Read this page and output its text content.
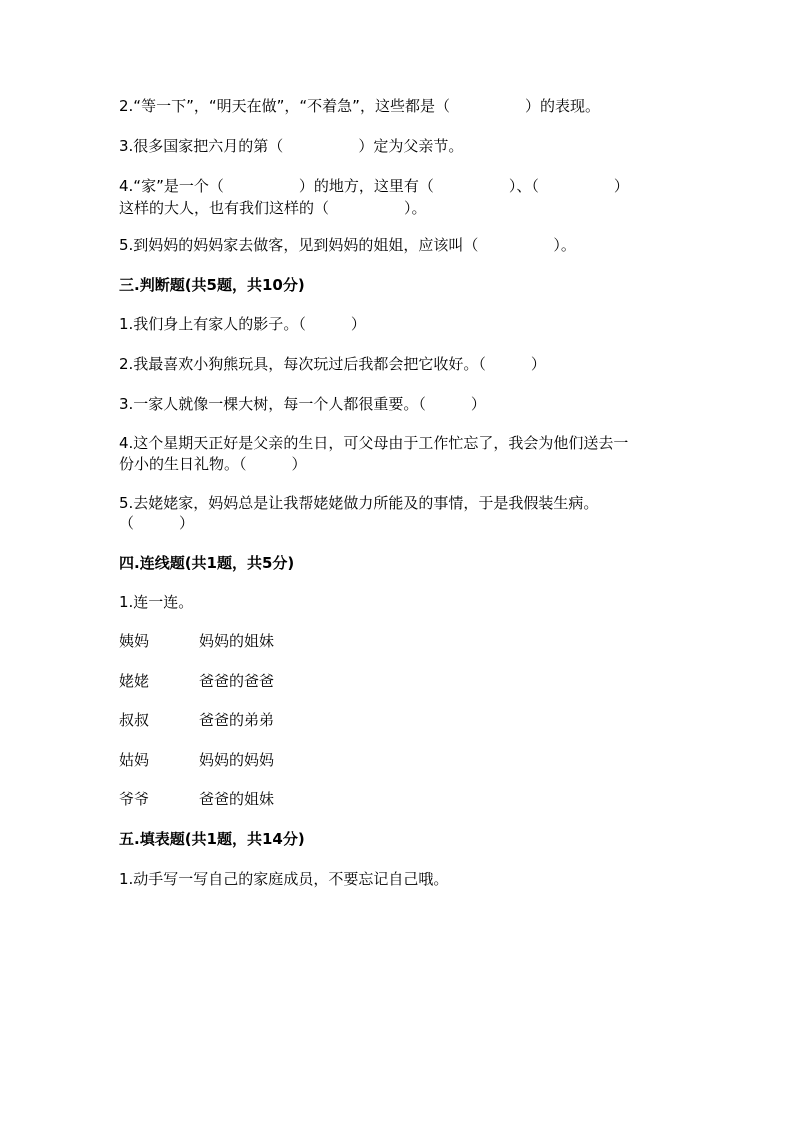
2.“等一下”，“明天在做”，“不着急”，这些都是（　　　　　）的表现。
3.很多国家把六月的第（　　　　　）定为父亲节。
4.“家”是一个（　　　　　）的地方，这里有（　　　　　）、（　　　　　）
这样的大人，也有我们这样的（　　　　　）。
5.到妈妈的妈妈家去做客，见到妈妈的姐姐，应该叫（　　　　　）。
三.判断题(共5题，共10分)
1.我们身上有家人的影子。（　　　）
2.我最喜欢小狗熊玩具，每次玩过后我都会把它收好。（　　　）
3.一家人就像一棵大树，每一个人都很重要。（　　　）
4.这个星期天正好是父亲的生日，可父母由于工作忙忘了，我会为他们送去一
份小的生日礼物。（　　　）
5.去姥姥家，妈妈总是让我帮姥姥做力所能及的事情，于是我假装生病。
（　　　）
四.连线题(共1题，共5分)
1.连一连。
姨妈	妈妈的姐妹
姥姥	爸爸的爸爸
叔叔	爸爸的弟弟
姑妈	妈妈的妈妈
爷爷	爸爸的姐妹
五.填表题(共1题，共14分)
1.动手写一写自己的家庭成员，不要忘记自己哦。
